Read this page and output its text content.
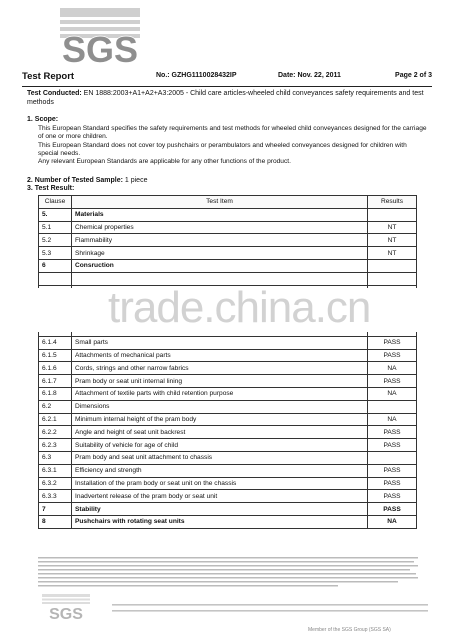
SGS
Test Report	No.: GZHG1110028432IP	Date: Nov. 22, 2011	Page 2 of 3
Test Conducted: EN 1888:2003+A1+A2+A3:2005 - Child care articles-wheeled child conveyances safety requirements and test methods
1. Scope:

This European Standard specifies the safety requirements and test methods for wheeled child conveyances designed for the carriage of one or more children.

This European Standard does not cover toy pushchairs or perambulators and wheeled conveyances designed for children with special needs.

Any relevant European Standards are applicable for any other functions of the product.

2. Number of Tested Sample: 1 piece
3. Test Result:
Clause	Test Item	Results
5.	Materials	
5.1	Chemical properties	NT
5.2	Flammability	NT
5.3	Shrinkage	NT
6	Consruction	

6.1.4	Small parts	PASS
6.1.5	Attachments of mechanical parts	PASS
6.1.6	Cords, strings and other narrow fabrics	NA
6.1.7	Pram body or seat unit internal lining	PASS
6.1.8	Attachment of textile parts with child retention purpose	NA
6.2	Dimensions	
6.2.1	Minimum internal height of the pram body	NA
6.2.2	Angle and height of seat unit backrest	PASS
6.2.3	Suitability of vehicle for age of child	PASS
6.3	Pram body and seat unit attachment to chassis	
6.3.1	Efficiency and strength	PASS
6.3.2	Installation of the pram body or seat unit on the chassis	PASS
6.3.3	Inadvertent release of the pram body or seat unit	PASS
7	Stability	PASS
8	Pushchairs with rotating seat units	NA
trade.china.cn
SGS
Member of the SGS Group (SGS SA)
